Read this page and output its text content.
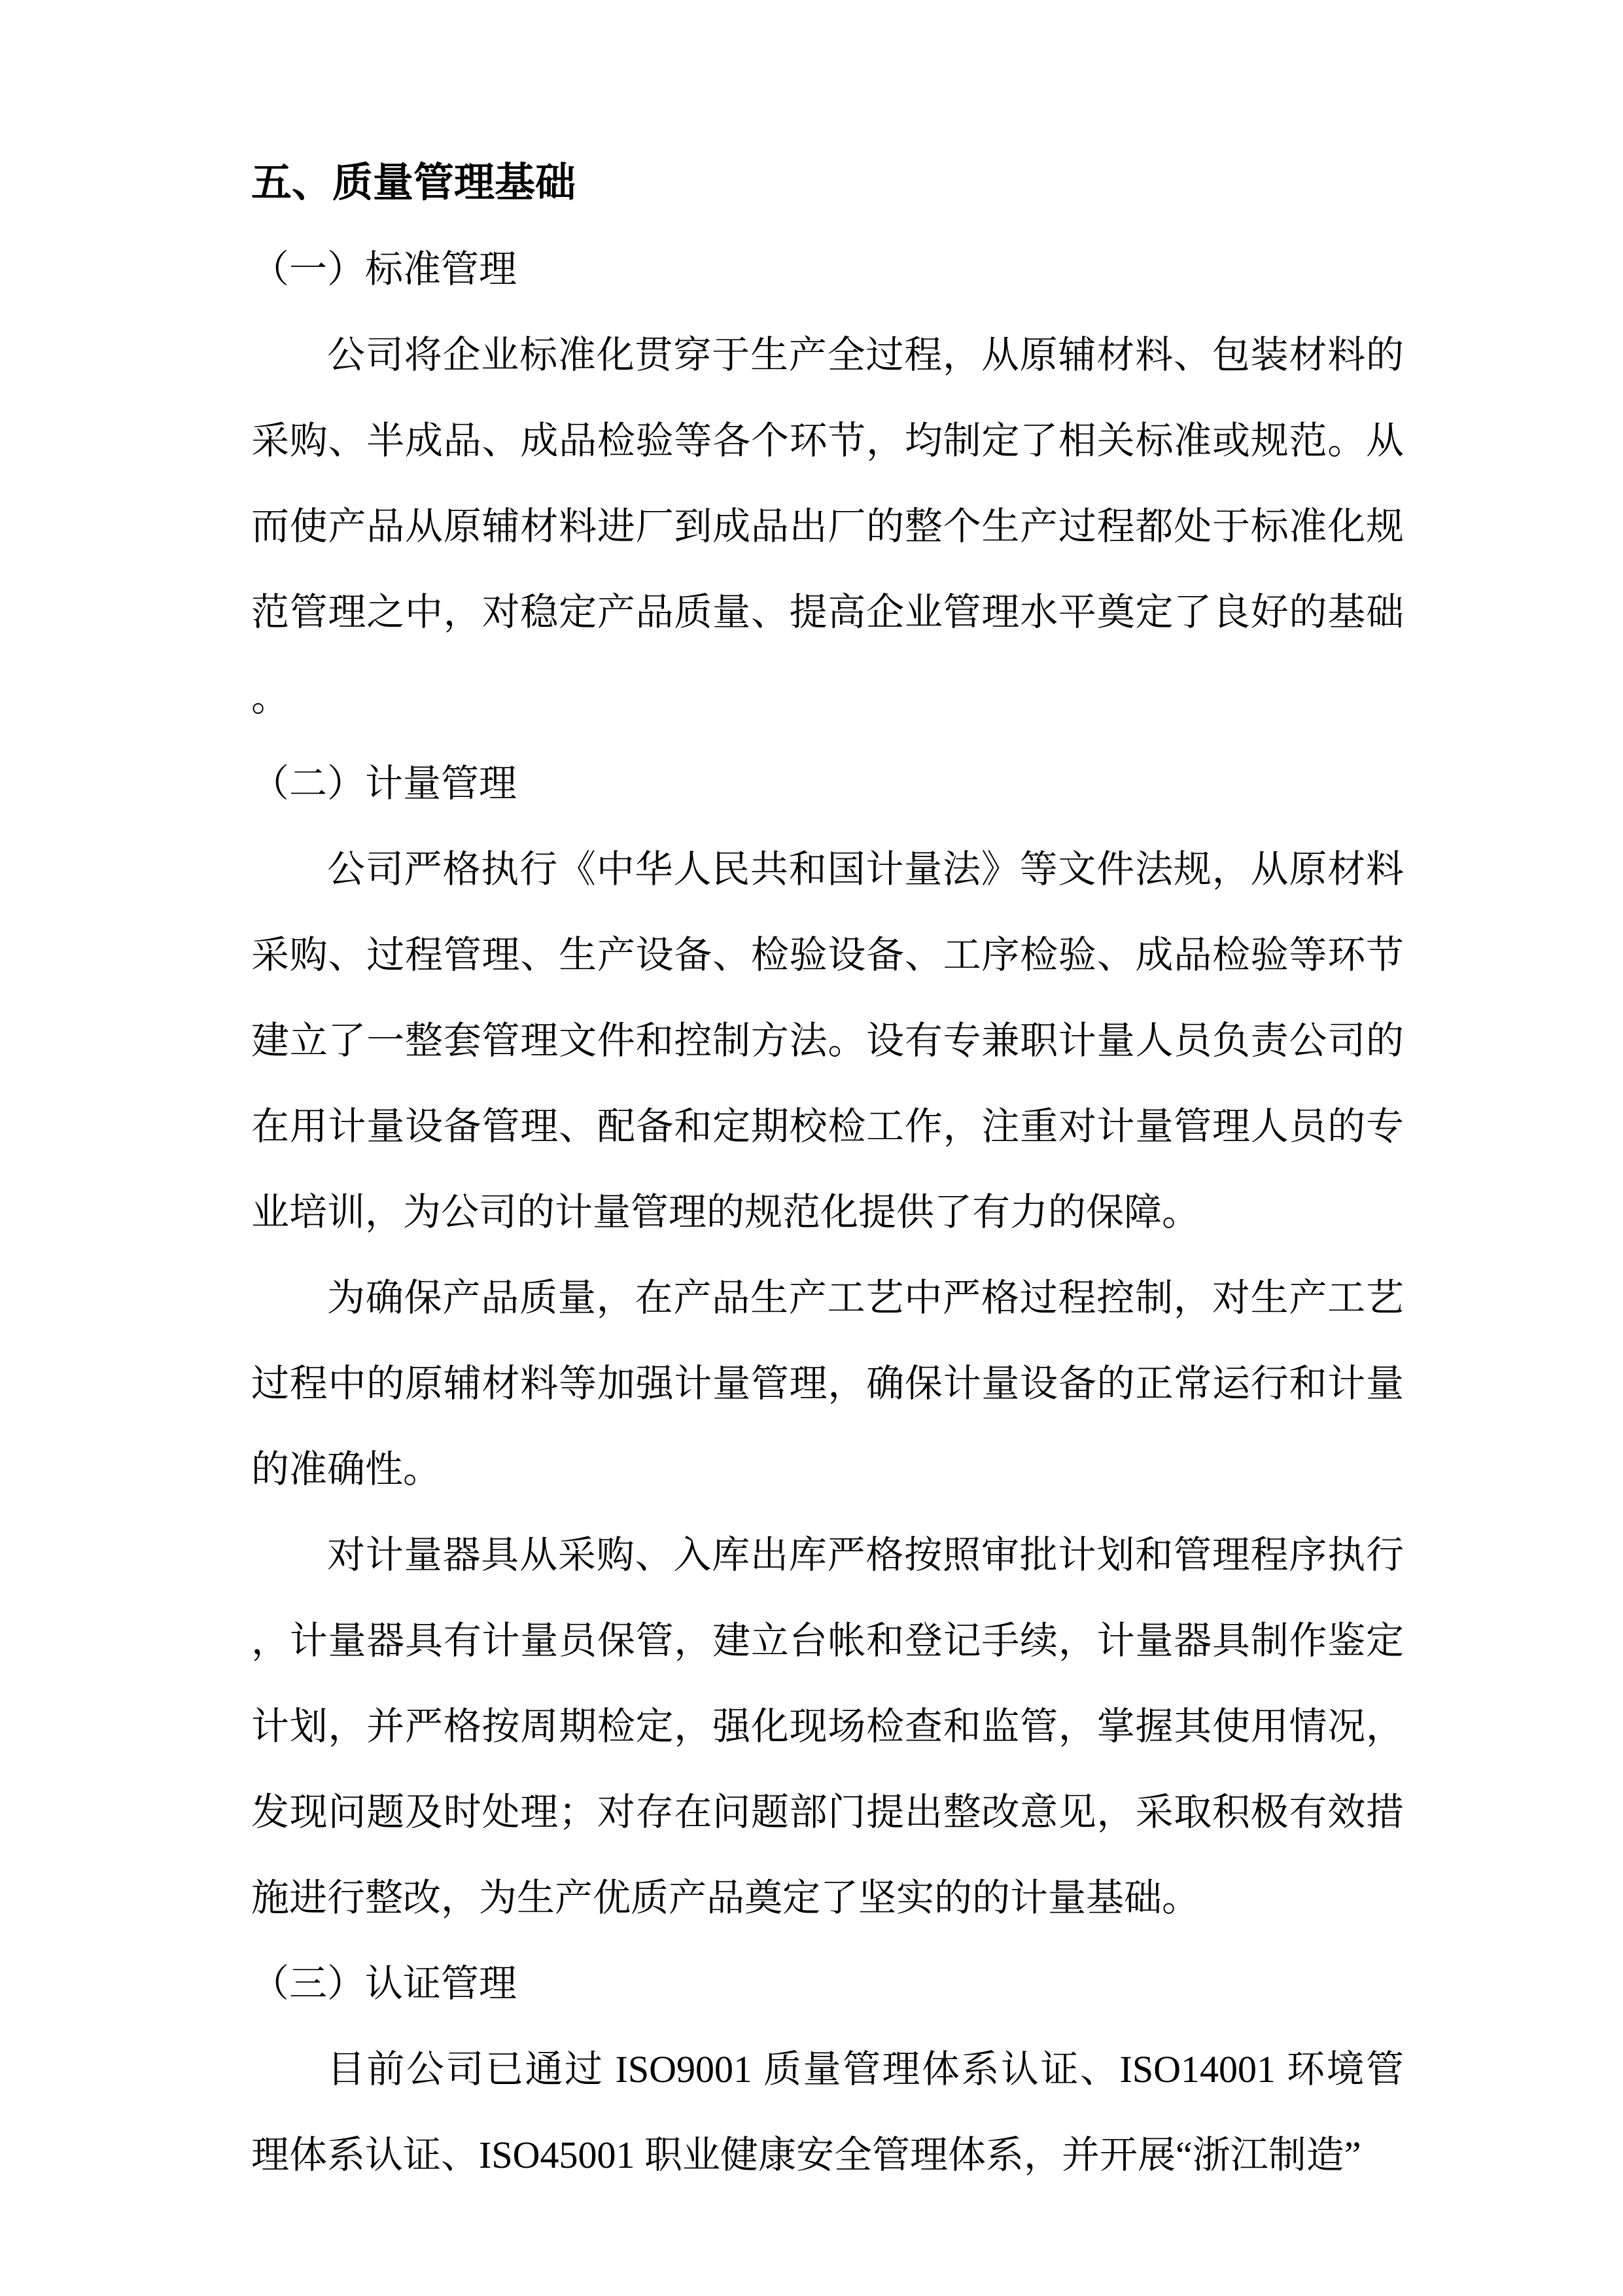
五、质量管理基础
（一）标准管理

公司将企业标准化贯穿于生产全过程，从原辅材料、包装材料的采购、半成品、成品检验等各个环节，均制定了相关标准或规范。从而使产品从原辅材料进厂到成品出厂的整个生产过程都处于标准化规范管理之中，对稳定产品质量、提高企业管理水平奠定了良好的基础。

（二）计量管理

公司严格执行《中华人民共和国计量法》等文件法规，从原材料采购、过程管理、生产设备、检验设备、工序检验、成品检验等环节建立了一整套管理文件和控制方法。设有专兼职计量人员负责公司的在用计量设备管理、配备和定期校检工作，注重对计量管理人员的专业培训，为公司的计量管理的规范化提供了有力的保障。

为确保产品质量，在产品生产工艺中严格过程控制，对生产工艺过程中的原辅材料等加强计量管理，确保计量设备的正常运行和计量的准确性。

对计量器具从采购、入库出库严格按照审批计划和管理程序执行，计量器具有计量员保管，建立台帐和登记手续，计量器具制作鉴定计划，并严格按周期检定，强化现场检查和监管，掌握其使用情况，发现问题及时处理；对存在问题部门提出整改意见，采取积极有效措施进行整改，为生产优质产品奠定了坚实的的计量基础。

（三）认证管理

目前公司已通过 ISO9001 质量管理体系认证、ISO14001 环境管理体系认证、ISO45001 职业健康安全管理体系，并开展“浙江制造”
